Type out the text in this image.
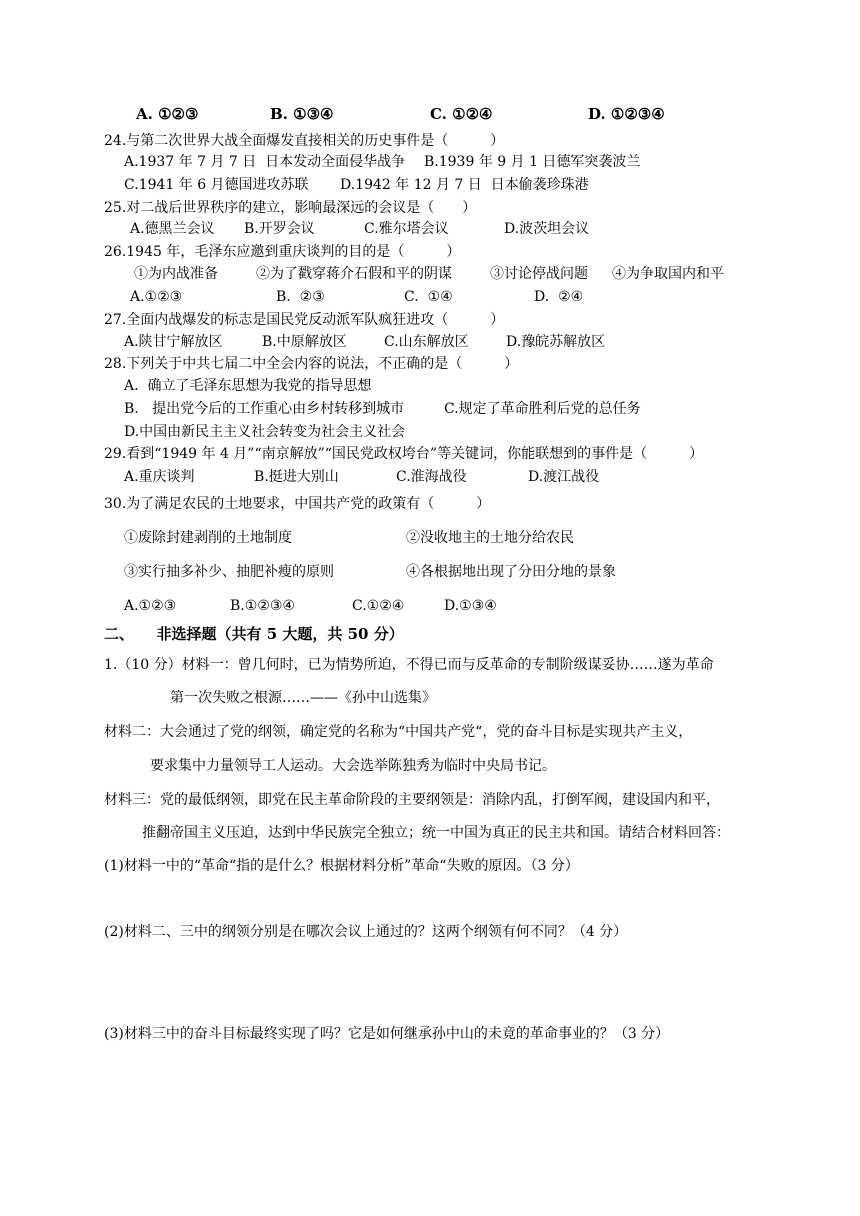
A. ①②③	B. ①③④	C. ①②④	D. ①②③④
24.与第二次世界大战全面爆发直接相关的历史事件是（　　　）
A.1937 年 7 月 7 日  日本发动全面侵华战争 B.1939 年 9 月 1 日德军突袭波兰
C.1941 年 6 月德国进攻苏联 D.1942 年 12 月 7 日  日本偷袭珍珠港
25.对二战后世界秩序的建立，影响最深远的会议是（　　）
A.德黑兰会议 B.开罗会议	C.雅尔塔会议	D.波茨坦会议
26.1945 年，毛泽东应邀到重庆谈判的目的是（　　　）
①为内战准备	②为了戳穿蒋介石假和平的阴谋	③讨论停战问题 ④为争取国内和平
A.①②③	B.  ②③	C.  ①④	D.  ②④
27.全面内战爆发的标志是国民党反动派军队疯狂进攻（　　　）
A.陕甘宁解放区	B.中原解放区	C.山东解放区	D.豫皖苏解放区
28.下列关于中共七届二中全会内容的说法，不正确的是（　　　）
A.  确立了毛泽东思想为我党的指导思想
B.   提出党今后的工作重心由乡村转移到城市	C.规定了革命胜利后党的总任务
D.中国由新民主主义社会转变为社会主义社会
29.看到“1949 年 4 月”“南京解放”“国民党政权垮台”等关键词，你能联想到的事件是（　　　）
A.重庆谈判	B.挺进大别山	C.淮海战役	D.渡江战役
30.为了满足农民的土地要求，中国共产党的政策有（　　　）
①废除封建剥削的土地制度	②没收地主的土地分给农民
③实行抽多补少、抽肥补瘦的原则	④各根据地出现了分田分地的景象
A.①②③	B.①②③④	C.①②④	D.①③④
二、　　非选择题（共有 5 大题，共 50 分）
1.（10 分）材料一：曾几何时，已为情势所迫，不得已而与反革命的专制阶级谋妥协……遂为革命
第一次失败之根源……——《孙中山选集》
材料二：大会通过了党的纲领，确定党的名称为“中国共产党“，党的奋斗目标是实现共产主义，
要求集中力量领导工人运动。大会选举陈独秀为临时中央局书记。
材料三：党的最低纲领，即党在民主革命阶段的主要纲领是：消除内乱，打倒军阀，建设国内和平，
推翻帝国主义压迫，达到中华民族完全独立；统一中国为真正的民主共和国。请结合材料回答：
(1)材料一中的“革命“指的是什么？根据材料分析”革命“失败的原因。（3 分）
(2)材料二、三中的纲领分别是在哪次会议上通过的？这两个纲领有何不同？（4 分）
(3)材料三中的奋斗目标最终实现了吗？它是如何继承孙中山的未竟的革命事业的？（3 分）
